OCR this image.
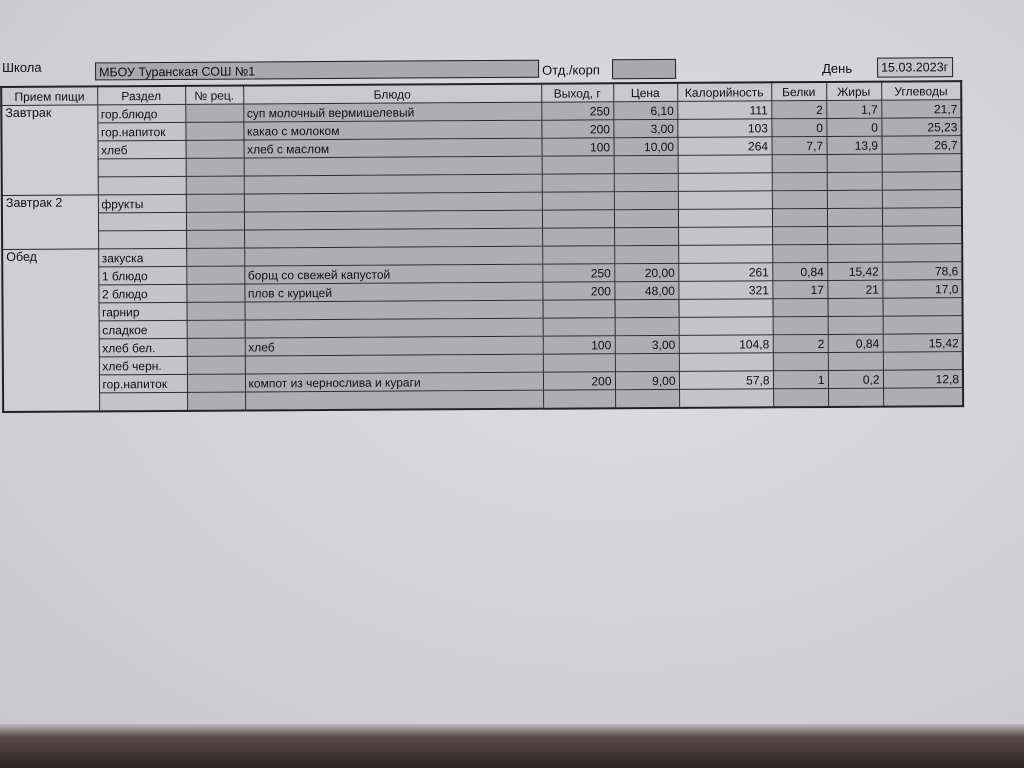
Школа	МБОУ Туранская СОШ №1	Отд./корп	День	15.03.2023г
Прием пищи	Раздел	№ рец.	Блюдо	Выход, г	Цена	Калорийность	Белки	Жиры	Углеводы
Завтрак	гор.блюдо		суп молочный вермишелевый	250	6,10	111	2	1,7	21,7
	гор.напиток		какао с молоком	200	3,00	103	0	0	25,23
	хлеб		хлеб с маслом	100	10,00	264	7,7	13,9	26,7

Завтрак 2	фрукты								

Обед	закуска								
	1 блюдо		борщ со свежей капустой	250	20,00	261	0,84	15,42	78,6
	2 блюдо		плов с курицей	200	48,00	321	17	21	17,0
	гарнир								
	сладкое								
	хлеб бел.		хлеб	100	3,00	104,8	2	0,84	15,42
	хлеб черн.								
	гор.напиток		компот из чернослива и кураги	200	9,00	57,8	1	0,2	12,8
